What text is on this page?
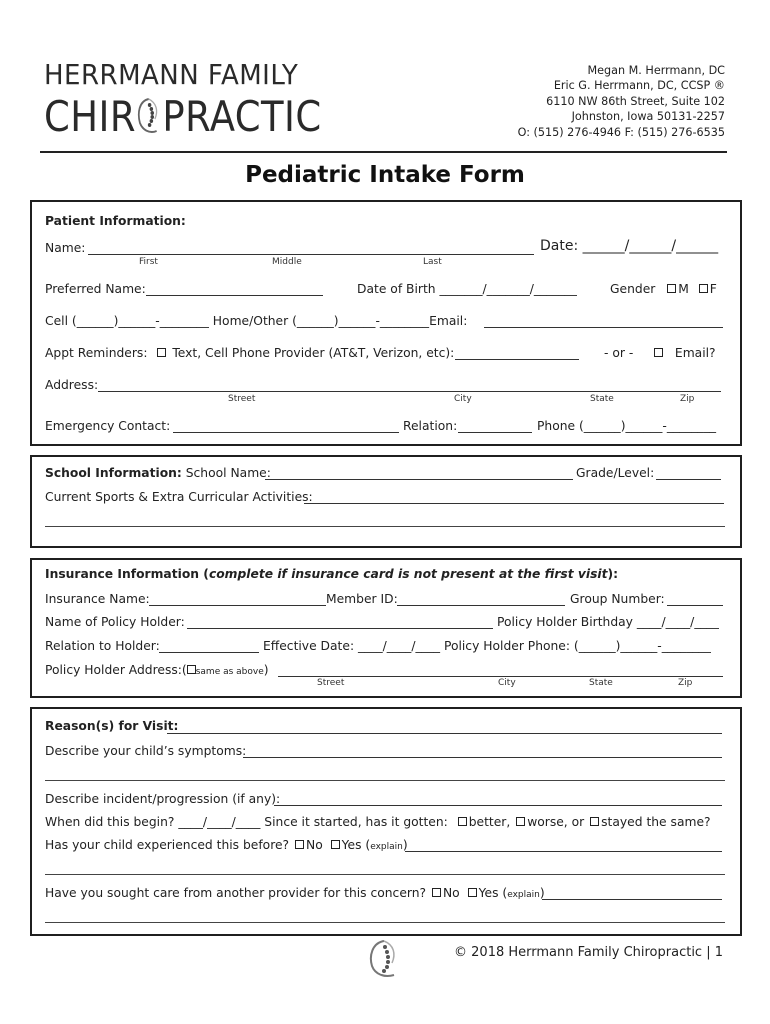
HERRMANN FAMILY
CHIR PRACTIC
Megan M. Herrmann, DC
Eric G. Herrmann, DC, CCSP ®
6110 NW 86th Street, Suite 102
Johnston, Iowa 50131-2257
O: (515) 276-4946 F: (515) 276-6535
Pediatric Intake Form
Patient Information:
Name:	Date: ______/______/______
First	Middle	Last
Preferred Name:	Date of Birth _______/_______/_______	Gender M F
Cell (______)______-________ Home/Other (______)______-________Email:
Appt Reminders: Text, Cell Phone Provider (AT&T, Verizon, etc):	- or -	Email?
Address:
Street	City	State	Zip
Emergency Contact:	Relation:	Phone (______)______-________
School Information: School Name:	Grade/Level:
Current Sports & Extra Curricular Activities:
Insurance Information (complete if insurance card is not present at the first visit):
Insurance Name:	Member ID:	Group Number:
Name of Policy Holder:	Policy Holder Birthday ____/____/____
Relation to Holder:	Effective Date: ____/____/____ Policy Holder Phone: (______)______-________
Policy Holder Address:( same as above)
Street	City	State	Zip
Reason(s) for Visit:
Describe your child’s symptoms:
Describe incident/progression (if any):
When did this begin? ____/____/____ Since it started, has it gotten: better, worse, or stayed the same?
Has your child experienced this before? No Yes (explain)
Have you sought care from another provider for this concern? No Yes (explain)
© 2018 Herrmann Family Chiropractic | 1
